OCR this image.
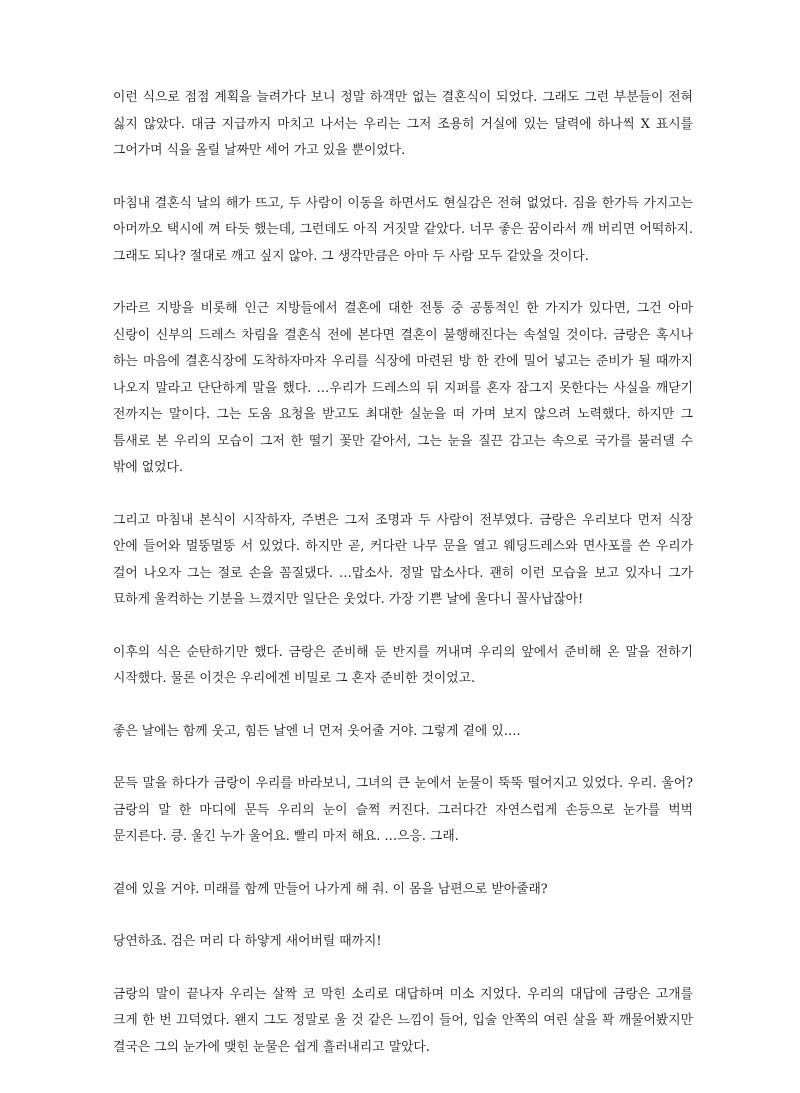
이런 식으로 점점 계획을 늘려가다 보니 정말 하객만 없는 결혼식이 되었다. 그래도 그런 부분들이 전혀 싫지 않았다. 대금 지급까지 마치고 나서는 우리는 그저 조용히 거실에 있는 달력에 하나씩 X 표시를 그어가며 식을 올릴 날짜만 세어 가고 있을 뿐이었다.

마침내 결혼식 날의 해가 뜨고, 두 사람이 이동을 하면서도 현실감은 전혀 없었다. 짐을 한가득 가지고는 아머까오 택시에 껴 타듯 했는데, 그런데도 아직 거짓말 같았다. 너무 좋은 꿈이라서 깨 버리면 어떡하지. 그래도 되나? 절대로 깨고 싶지 않아. 그 생각만큼은 아마 두 사람 모두 같았을 것이다.

가라르 지방을 비롯해 인근 지방들에서 결혼에 대한 전통 중 공통적인 한 가지가 있다면, 그건 아마 신랑이 신부의 드레스 차림을 결혼식 전에 본다면 결혼이 불행해진다는 속설일 것이다. 금랑은 혹시나 하는 마음에 결혼식장에 도착하자마자 우리를 식장에 마련된 방 한 칸에 밀어 넣고는 준비가 될 때까지 나오지 말라고 단단하게 말을 했다. …우리가 드레스의 뒤 지퍼를 혼자 잠그지 못한다는 사실을 깨닫기 전까지는 말이다. 그는 도움 요청을 받고도 최대한 실눈을 떠 가며 보지 않으려 노력했다. 하지만 그 틈새로 본 우리의 모습이 그저 한 떨기 꽃만 같아서, 그는 눈을 질끈 감고는 속으로 국가를 불러댈 수 밖에 없었다.

그리고 마침내 본식이 시작하자, 주변은 그저 조명과 두 사람이 전부였다. 금랑은 우리보다 먼저 식장 안에 들어와 멀뚱멀뚱 서 있었다. 하지만 곧, 커다란 나무 문을 열고 웨딩드레스와 면사포를 쓴 우리가 걸어 나오자 그는 절로 손을 꼼질댔다. …맙소사. 정말 맙소사다. 괜히 이런 모습을 보고 있자니 그가 묘하게 울컥하는 기분을 느꼈지만 일단은 웃었다. 가장 기쁜 날에 울다니 꼴사납잖아!

이후의 식은 순탄하기만 했다. 금랑은 준비해 둔 반지를 꺼내며 우리의 앞에서 준비해 온 말을 전하기 시작했다. 물론 이것은 우리에겐 비밀로 그 혼자 준비한 것이었고.

좋은 날에는 함께 웃고, 힘든 날엔 너 먼저 웃어줄 거야. 그렇게 곁에 있….

문득 말을 하다가 금랑이 우리를 바라보니, 그녀의 큰 눈에서 눈물이 뚝뚝 떨어지고 있었다. 우리. 울어? 금랑의 말 한 마디에 문득 우리의 눈이 슬쩍 커진다. 그러다간 자연스럽게 손등으로 눈가를 벅벅 문지른다. 킁. 울긴 누가 울어요. 빨리 마저 해요. …으응. 그래.

곁에 있을 거야. 미래를 함께 만들어 나가게 해 줘. 이 몸을 남편으로 받아줄래?

당연하죠. 검은 머리 다 하얗게 새어버릴 때까지!

금랑의 말이 끝나자 우리는 살짝 코 막힌 소리로 대답하며 미소 지었다. 우리의 대답에 금랑은 고개를 크게 한 번 끄덕였다. 왠지 그도 정말로 울 것 같은 느낌이 들어, 입술 안쪽의 여린 살을 꽉 깨물어봤지만 결국은 그의 눈가에 맺힌 눈물은 쉽게 흘러내리고 말았다.
